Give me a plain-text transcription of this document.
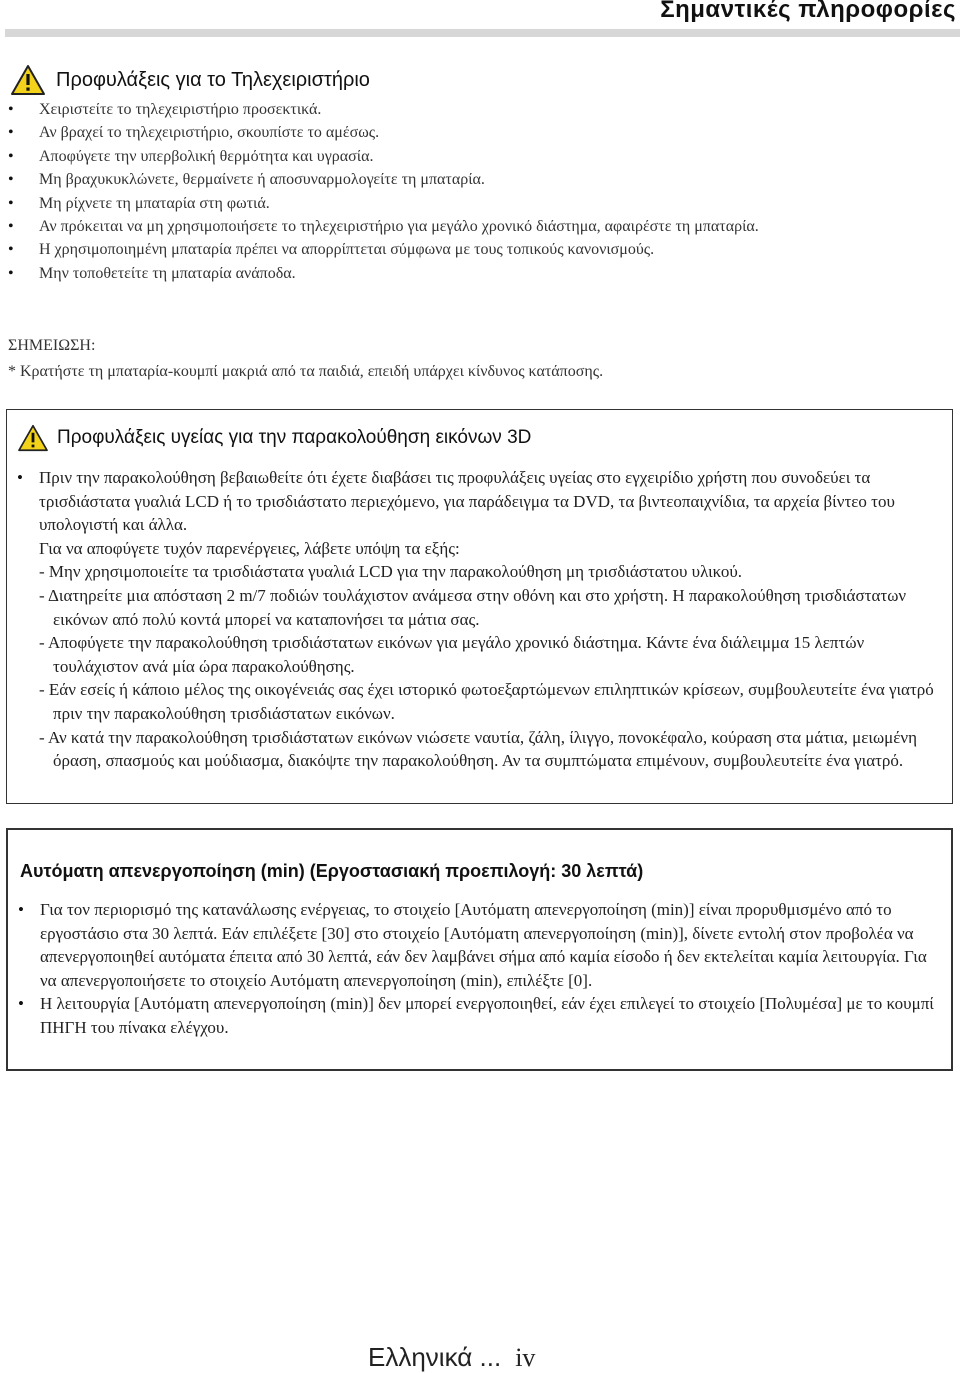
Σημαντικές πληροφορίες
Προφυλάξεις για το Τηλεχειριστήριο
• Χειριστείτε το τηλεχειριστήριο προσεκτικά.
• Αν βραχεί το τηλεχειριστήριο, σκουπίστε το αμέσως.
• Αποφύγετε την υπερβολική θερμότητα και υγρασία.
• Μη βραχυκυκλώνετε, θερμαίνετε ή αποσυναρμολογείτε τη μπαταρία.
• Μη ρίχνετε τη μπαταρία στη φωτιά.
• Αν πρόκειται να μη χρησιμοποιήσετε το τηλεχειριστήριο για μεγάλο χρονικό διάστημα, αφαιρέστε τη μπαταρία.
• Η χρησιμοποιημένη μπαταρία πρέπει να απορρίπτεται σύμφωνα με τους τοπικούς κανονισμούς.
• Μην τοποθετείτε τη μπαταρία ανάποδα.
ΣΗΜΕΙΩΣΗ:
* Κρατήστε τη μπαταρία-κουμπί μακριά από τα παιδιά, επειδή υπάρχει κίνδυνος κατάποσης.
Προφυλάξεις υγείας για την παρακολούθηση εικόνων 3D
• Πριν την παρακολούθηση βεβαιωθείτε ότι έχετε διαβάσει τις προφυλάξεις υγείας στο εγχειρίδιο χρήστη που συνοδεύει τα τρισδιάστατα γυαλιά LCD ή το τρισδιάστατο περιεχόμενο, για παράδειγμα τα DVD, τα βιντεοπαιχνίδια, τα αρχεία βίντεο του υπολογιστή και άλλα.
Για να αποφύγετε τυχόν παρενέργειες, λάβετε υπόψη τα εξής:
- Μην χρησιμοποιείτε τα τρισδιάστατα γυαλιά LCD για την παρακολούθηση μη τρισδιάστατου υλικού.
- Διατηρείτε μια απόσταση 2 m/7 ποδιών τουλάχιστον ανάμεσα στην οθόνη και στο χρήστη. Η παρακολούθηση τρισδιάστατων εικόνων από πολύ κοντά μπορεί να καταπονήσει τα μάτια σας.
- Αποφύγετε την παρακολούθηση τρισδιάστατων εικόνων για μεγάλο χρονικό διάστημα. Κάντε ένα διάλειμμα 15 λεπτών τουλάχιστον ανά μία ώρα παρακολούθησης.
- Εάν εσείς ή κάποιο μέλος της οικογένειάς σας έχει ιστορικό φωτοεξαρτώμενων επιληπτικών κρίσεων, συμβουλευτείτε ένα γιατρό πριν την παρακολούθηση τρισδιάστατων εικόνων.
- Αν κατά την παρακολούθηση τρισδιάστατων εικόνων νιώσετε ναυτία, ζάλη, ίλιγγο, πονοκέφαλο, κούραση στα μάτια, μειωμένη όραση, σπασμούς και μούδιασμα, διακόψτε την παρακολούθηση. Αν τα συμπτώματα επιμένουν, συμβουλευτείτε ένα γιατρό.
Αυτόματη απενεργοποίηση (min) (Εργοστασιακή προεπιλογή: 30 λεπτά)
• Για τον περιορισμό της κατανάλωσης ενέργειας, το στοιχείο [Αυτόματη απενεργοποίηση (min)] είναι προρυθμισμένο από το εργοστάσιο στα 30 λεπτά. Εάν επιλέξετε [30] στο στοιχείο [Αυτόματη απενεργοποίηση (min)], δίνετε εντολή στον προβολέα να απενεργοποιηθεί αυτόματα έπειτα από 30 λεπτά, εάν δεν λαμβάνει σήμα από καμία είσοδο ή δεν εκτελείται καμία λειτουργία. Για να απενεργοποιήσετε το στοιχείο Αυτόματη απενεργοποίηση (min), επιλέξτε [0].
• Η λειτουργία [Αυτόματη απενεργοποίηση (min)] δεν μπορεί ενεργοποιηθεί, εάν έχει επιλεγεί το στοιχείο [Πολυμέσα] με το κουμπί ΠΗΓΗ του πίνακα ελέγχου.
Ελληνικά ... iv
